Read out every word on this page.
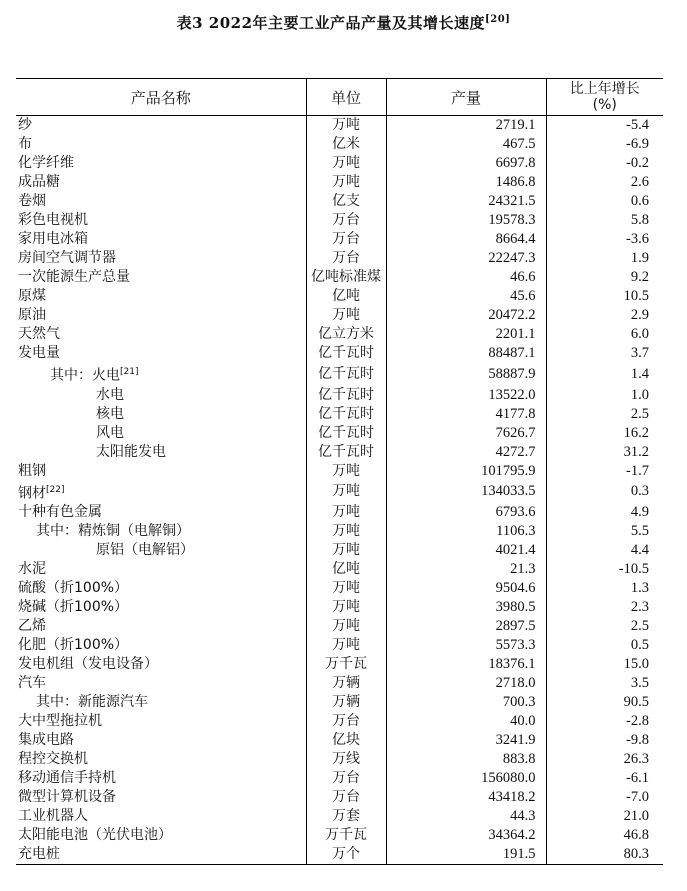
表3 2022年主要工业产品产量及其增长速度[20]
产品名称	单位	产量	比上年增长
(%)

纱	万吨	2719.1	-5.4
布	亿米	467.5	-6.9
化学纤维	万吨	6697.8	-0.2
成品糖	万吨	1486.8	2.6
卷烟	亿支	24321.5	0.6
彩色电视机	万台	19578.3	5.8
家用电冰箱	万台	8664.4	-3.6
房间空气调节器	万台	22247.3	1.9
一次能源生产总量	亿吨标准煤	46.6	9.2
原煤	亿吨	45.6	10.5
原油	万吨	20472.2	2.9
天然气	亿立方米	2201.1	6.0
发电量	亿千瓦时	88487.1	3.7
其中：火电[21]	亿千瓦时	58887.9	1.4
水电	亿千瓦时	13522.0	1.0
核电	亿千瓦时	4177.8	2.5
风电	亿千瓦时	7626.7	16.2
太阳能发电	亿千瓦时	4272.7	31.2
粗钢	万吨	101795.9	-1.7
钢材[22]	万吨	134033.5	0.3
十种有色金属	万吨	6793.6	4.9
其中：精炼铜（电解铜）	万吨	1106.3	5.5
原铝（电解铝）	万吨	4021.4	4.4
水泥	亿吨	21.3	-10.5
硫酸（折100%）	万吨	9504.6	1.3
烧碱（折100%）	万吨	3980.5	2.3
乙烯	万吨	2897.5	2.5
化肥（折100%）	万吨	5573.3	0.5
发电机组（发电设备）	万千瓦	18376.1	15.0
汽车	万辆	2718.0	3.5
其中：新能源汽车	万辆	700.3	90.5
大中型拖拉机	万台	40.0	-2.8
集成电路	亿块	3241.9	-9.8
程控交换机	万线	883.8	26.3
移动通信手持机	万台	156080.0	-6.1
微型计算机设备	万台	43418.2	-7.0
工业机器人	万套	44.3	21.0
太阳能电池（光伏电池）	万千瓦	34364.2	46.8
充电桩	万个	191.5	80.3
